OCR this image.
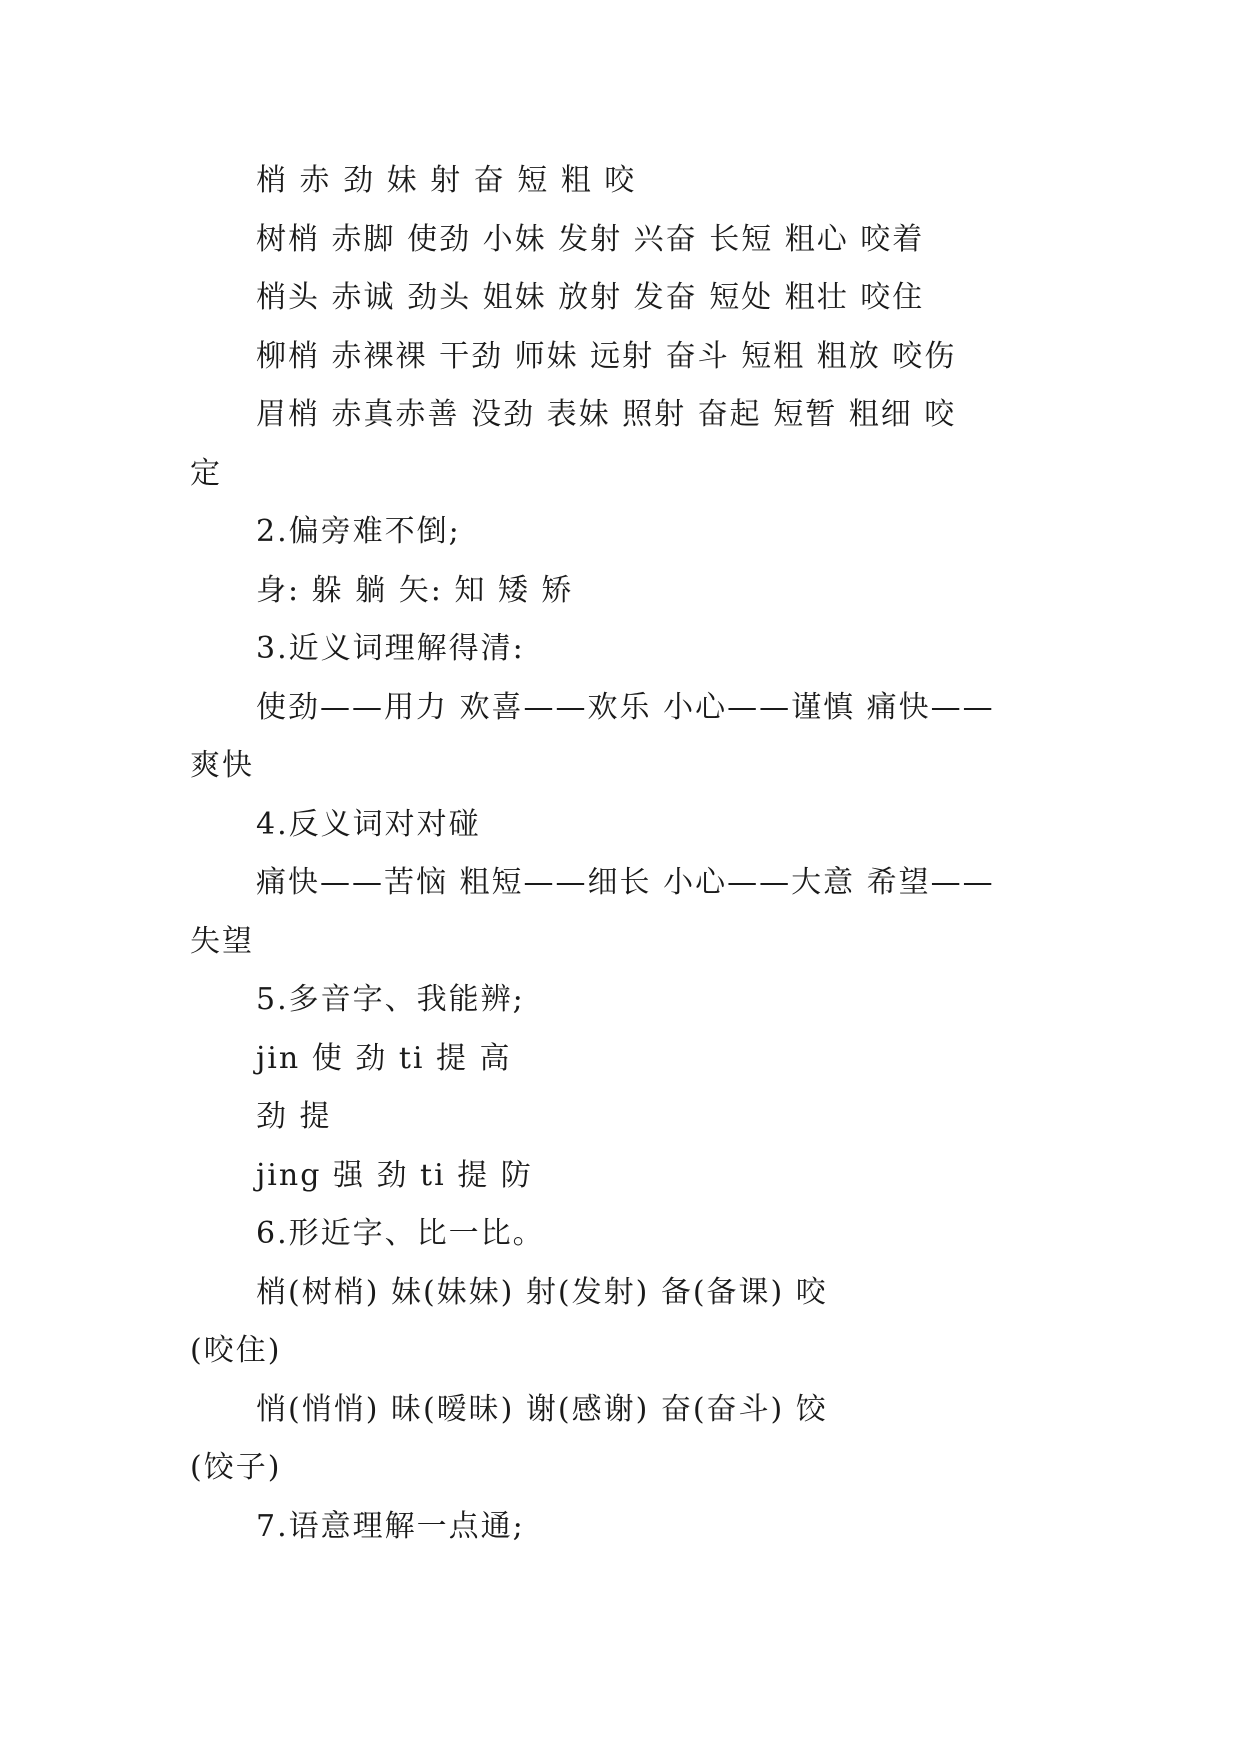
梢 赤 劲 妹 射 奋 短 粗 咬
树梢 赤脚 使劲 小妹 发射 兴奋 长短 粗心 咬着
梢头 赤诚 劲头 姐妹 放射 发奋 短处 粗壮 咬住
柳梢 赤裸裸 干劲 师妹 远射 奋斗 短粗 粗放 咬伤
眉梢 赤真赤善 没劲 表妹 照射 奋起 短暂 粗细 咬
定
2.偏旁难不倒;
身: 躲 躺 矢: 知 矮 矫
3.近义词理解得清:
使劲——用力 欢喜——欢乐 小心——谨慎 痛快——
爽快
4.反义词对对碰
痛快——苦恼 粗短——细长 小心——大意 希望——
失望
5.多音字、我能辨;
jin 使 劲 ti 提 高
劲 提
jing 强 劲 ti 提 防
6.形近字、比一比。
梢(树梢) 妹(妹妹) 射(发射) 备(备课) 咬
(咬住)
悄(悄悄) 昧(暧昧) 谢(感谢) 奋(奋斗) 饺
(饺子)
7.语意理解一点通;
